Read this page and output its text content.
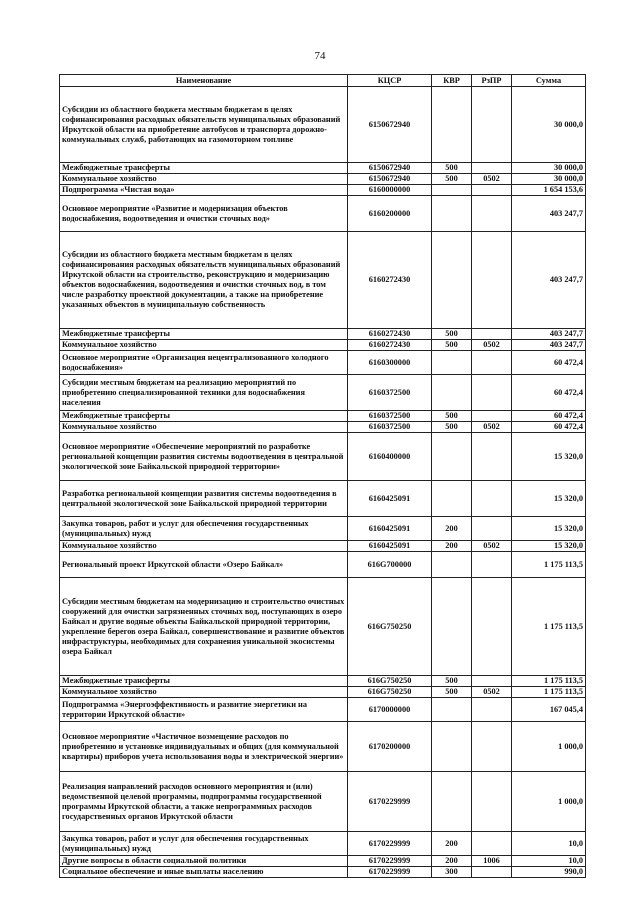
74
Наименование	КЦСР	КВР	РзПР	Сумма
Субсидии из областного бюджета местным бюджетам в целях софинансирования расходных обязательств муниципальных образований Иркутской области на приобретение автобусов и транспорта дорожно-коммунальных служб, работающих на газомоторном топливе	6150672940			30 000,0
Межбюджетные трансферты	6150672940	500		30 000,0
Коммунальное хозяйство	6150672940	500	0502	30 000,0
Подпрограмма «Чистая вода»	6160000000			1 654 153,6
Основное мероприятие «Развитие и модернизация объектов водоснабжения, водоотведения и очистки сточных вод»	6160200000			403 247,7
Субсидии из областного бюджета местным бюджетам в целях софинансирования расходных обязательств муниципальных образований Иркутской области на строительство, реконструкцию и модернизацию объектов водоснабжения, водоотведения и очистки сточных вод, в том числе разработку проектной документации, а также на приобретение указанных объектов в муниципальную собственность	6160272430			403 247,7
Межбюджетные трансферты	6160272430	500		403 247,7
Коммунальное хозяйство	6160272430	500	0502	403 247,7
Основное мероприятие «Организация нецентрализованного холодного водоснабжения»	6160300000			60 472,4
Субсидии местным бюджетам на реализацию мероприятий по приобретению специализированной техники для водоснабжения населения	6160372500			60 472,4
Межбюджетные трансферты	6160372500	500		60 472,4
Коммунальное хозяйство	6160372500	500	0502	60 472,4
Основное мероприятие «Обеспечение мероприятий по разработке региональной концепции развития системы водоотведения в центральной экологической зоне Байкальской природной территории»	6160400000			15 320,0
Разработка региональной концепции развития системы водоотведения в центральной экологической зоне Байкальской природной территории	6160425091			15 320,0
Закупка товаров, работ и услуг для обеспечения государственных (муниципальных) нужд	6160425091	200		15 320,0
Коммунальное хозяйство	6160425091	200	0502	15 320,0
Региональный проект Иркутской области «Озеро Байкал»	616G700000			1 175 113,5
Субсидии местным бюджетам на модернизацию и строительство очистных сооружений для очистки загрязненных сточных вод, поступающих в озеро Байкал и другие водные объекты Байкальской природной территории, укрепление берегов озера Байкал, совершенствование и развитие объектов инфраструктуры, необходимых для сохранения уникальной экосистемы озера Байкал	616G750250			1 175 113,5
Межбюджетные трансферты	616G750250	500		1 175 113,5
Коммунальное хозяйство	616G750250	500	0502	1 175 113,5
Подпрограмма «Энергоэффективность и развитие энергетики на территории Иркутской области»	6170000000			167 045,4
Основное мероприятие «Частичное возмещение расходов по приобретению и установке индивидуальных и общих (для коммунальной квартиры) приборов учета использования воды и электрической энергии»	6170200000			1 000,0
Реализация направлений расходов основного мероприятия и (или) ведомственной целевой программы, подпрограммы государственной программы Иркутской области, а также непрограммных расходов государственных органов Иркутской области	6170229999			1 000,0
Закупка товаров, работ и услуг для обеспечения государственных (муниципальных) нужд	6170229999	200		10,0
Другие вопросы в области социальной политики	6170229999	200	1006	10,0
Социальное обеспечение и иные выплаты населению	6170229999	300		990,0
